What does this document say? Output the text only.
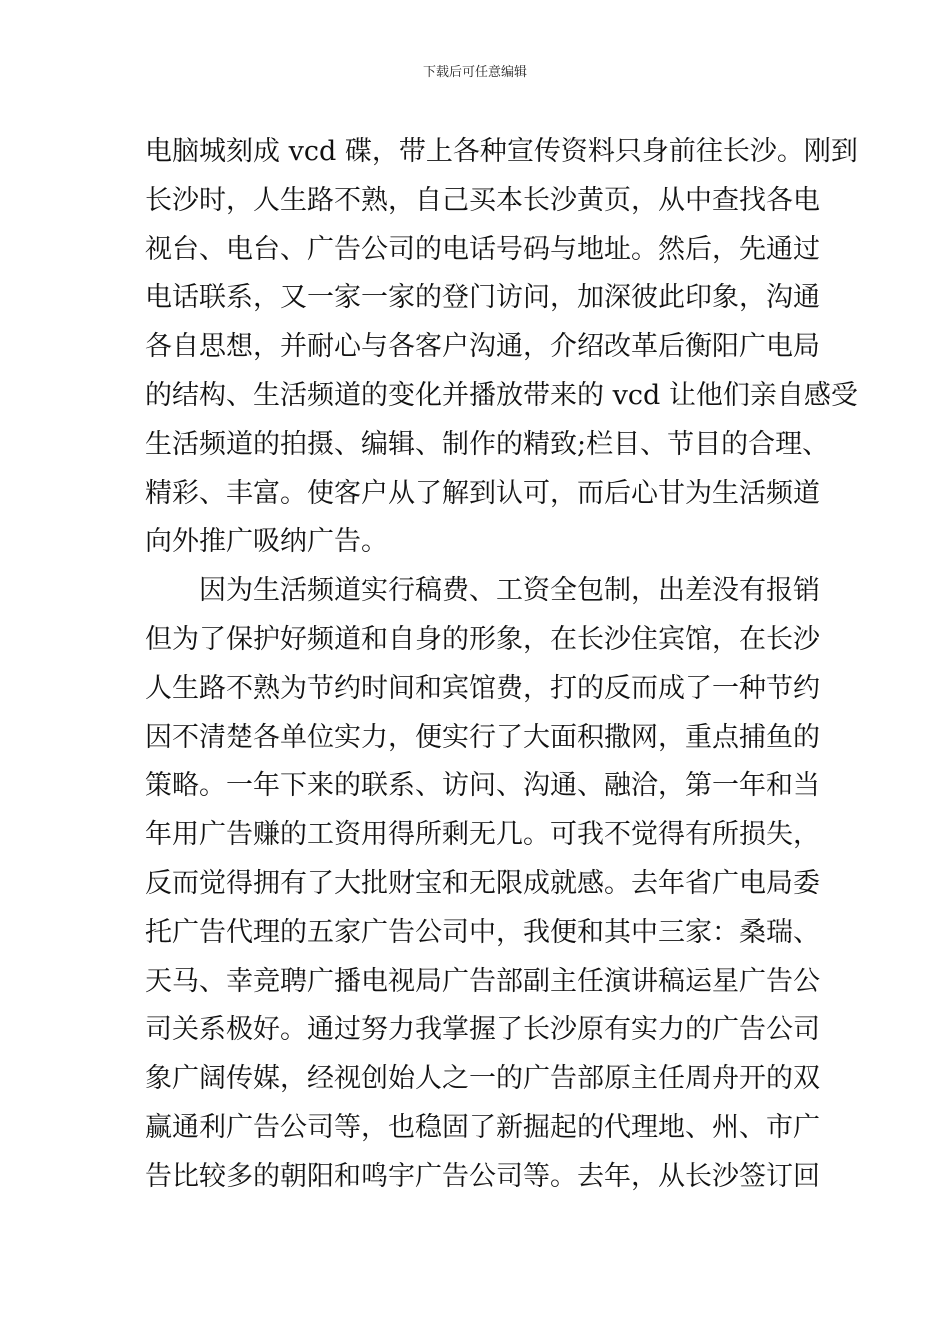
下载后可任意编辑
电脑城刻成 vcd 碟，带上各种宣传资料只身前往长沙。刚到
长沙时，人生路不熟，自己买本长沙黄页，从中查找各电
视台、电台、广告公司的电话号码与地址。然后，先通过
电话联系，又一家一家的登门访问，加深彼此印象，沟通
各自思想，并耐心与各客户沟通，介绍改革后衡阳广电局
的结构、生活频道的变化并播放带来的 vcd 让他们亲自感受
生活频道的拍摄、编辑、制作的精致;栏目、节目的合理、
精彩、丰富。使客户从了解到认可，而后心甘为生活频道
向外推广吸纳广告。
因为生活频道实行稿费、工资全包制，出差没有报销
但为了保护好频道和自身的形象，在长沙住宾馆，在长沙
人生路不熟为节约时间和宾馆费，打的反而成了一种节约
因不清楚各单位实力，便实行了大面积撒网，重点捕鱼的
策略。一年下来的联系、访问、沟通、融洽，第一年和当
年用广告赚的工资用得所剩无几。可我不觉得有所损失，
反而觉得拥有了大批财宝和无限成就感。去年省广电局委
托广告代理的五家广告公司中，我便和其中三家：桑瑞、
天马、幸竞聘广播电视局广告部副主任演讲稿运星广告公
司关系极好。通过努力我掌握了长沙原有实力的广告公司
象广阔传媒，经视创始人之一的广告部原主任周舟开的双
赢通利广告公司等，也稳固了新掘起的代理地、州、市广
告比较多的朝阳和鸣宇广告公司等。去年，从长沙签订回
